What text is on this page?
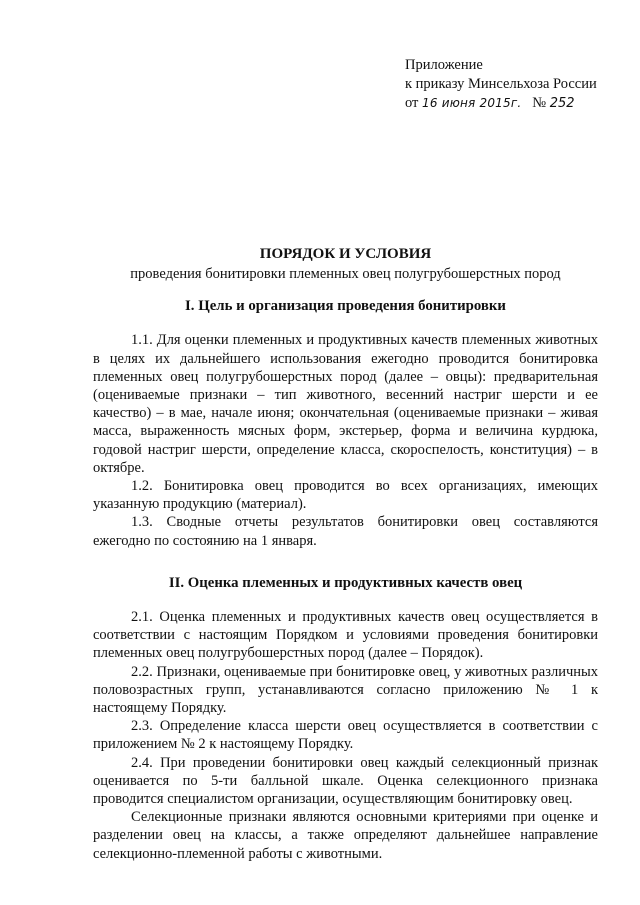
Приложение
к приказу Минсельхоза России
от 16 июня 2015г. № 252
ПОРЯДОК И УСЛОВИЯ
проведения бонитировки племенных овец полугрубошерстных пород
I. Цель и организация проведения бонитировки

1.1. Для оценки племенных и продуктивных качеств племенных животных в целях их дальнейшего использования ежегодно проводится бонитировка племенных овец полугрубошерстных пород (далее – овцы): предварительная (оцениваемые признаки – тип животного, весенний настриг шерсти и ее качество) – в мае, начале июня; окончательная (оцениваемые признаки – живая масса, выраженность мясных форм, экстерьер, форма и величина курдюка, годовой настриг шерсти, определение класса, скороспелость, конституция) – в октябре.

1.2. Бонитировка овец проводится во всех организациях, имеющих указанную продукцию (материал).

1.3. Сводные отчеты результатов бонитировки овец составляются ежегодно по состоянию на 1 января.

II. Оценка племенных и продуктивных качеств овец

2.1. Оценка племенных и продуктивных качеств овец осуществляется в соответствии с настоящим Порядком и условиями проведения бонитировки племенных овец полугрубошерстных пород (далее – Порядок).

2.2. Признаки, оцениваемые при бонитировке овец, у животных различных половозрастных групп, устанавливаются согласно приложению № 1 к настоящему Порядку.

2.3. Определение класса шерсти овец осуществляется в соответствии с приложением № 2 к настоящему Порядку.

2.4. При проведении бонитировки овец каждый селекционный признак оценивается по 5-ти балльной шкале. Оценка селекционного признака проводится специалистом организации, осуществляющим бонитировку овец.

Селекционные признаки являются основными критериями при оценке и разделении овец на классы, а также определяют дальнейшее направление селекционно-племенной работы с животными.
